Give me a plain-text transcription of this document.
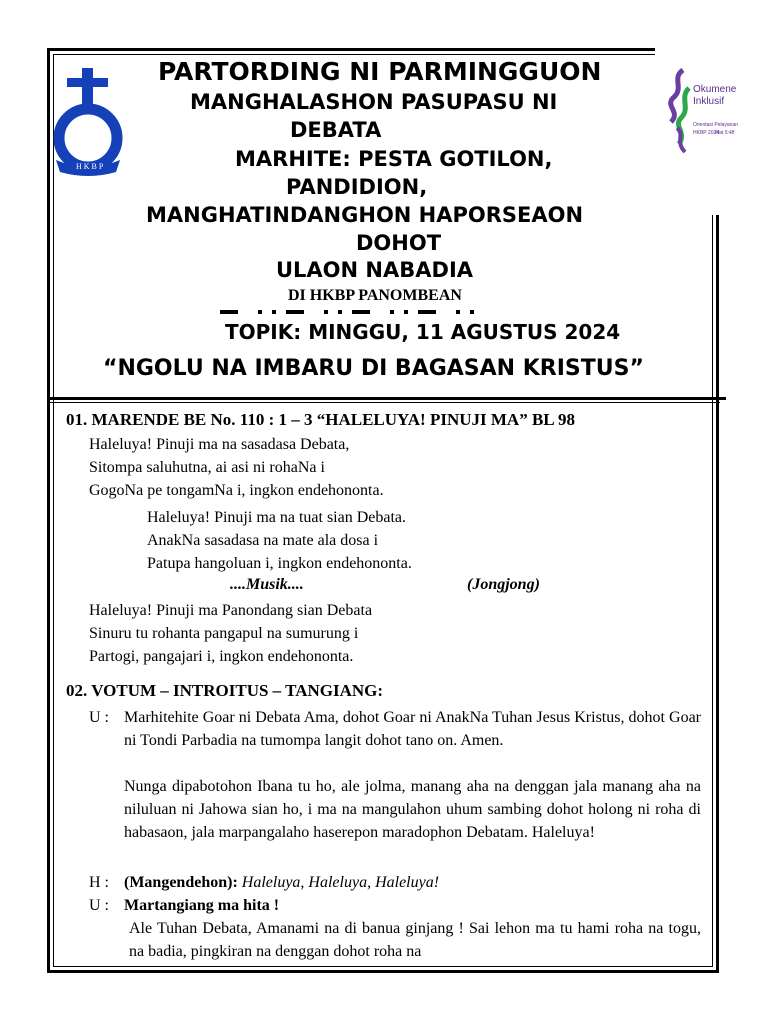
HKBP
Okumene
Inklusif
Orientasi Pelayanan
HKBP 2024
Mat 5:48
PARTORDING NI PARMINGGUON
MANGHALASHON PASUPASU NI
DEBATA
MARHITE: PESTA GOTILON,
PANDIDION,
MANGHATINDANGHON HAPORSEAON
DOHOT
ULAON NABADIA
DI HKBP PANOMBEAN
TOPIK: MINGGU, 11 AGUSTUS 2024
“NGOLU NA IMBARU DI BAGASAN KRISTUS”
01. MARENDE BE No. 110 : 1 – 3 “HALELUYA! PINUJI MA” BL 98
Haleluya! Pinuji ma na sasadasa Debata,
Sitompa saluhutna, ai asi ni rohaNa i
GogoNa pe tongamNa i, ingkon endehononta.
Haleluya! Pinuji ma na tuat sian Debata.
AnakNa sasadasa na mate ala dosa i
Patupa hangoluan i, ingkon endehononta.
....Musik....	(Jongjong)
Haleluya! Pinuji ma Panondang sian Debata
Sinuru tu rohanta pangapul na sumurung i
Partogi, pangajari i, ingkon endehononta.
02. VOTUM – INTROITUS – TANGIANG:
U : Marhitehite Goar ni Debata Ama, dohot Goar ni AnakNa Tuhan Jesus Kristus, dohot Goar ni Tondi Parbadia na tumompa langit dohot tano on. Amen.
Nunga dipabotohon Ibana tu ho, ale jolma, manang aha na denggan jala manang aha na niluluan ni Jahowa sian ho, i ma na mangulahon uhum sambing dohot holong ni roha di habasaon, jala marpangalaho haserepon maradophon Debatam. Haleluya!
H : (Mangendehon): Haleluya, Haleluya, Haleluya!
U : Martangiang ma hita !
Ale Tuhan Debata, Amanami na di banua ginjang ! Sai lehon ma tu hami roha na togu, na badia, pingkiran na denggan dohot roha na
